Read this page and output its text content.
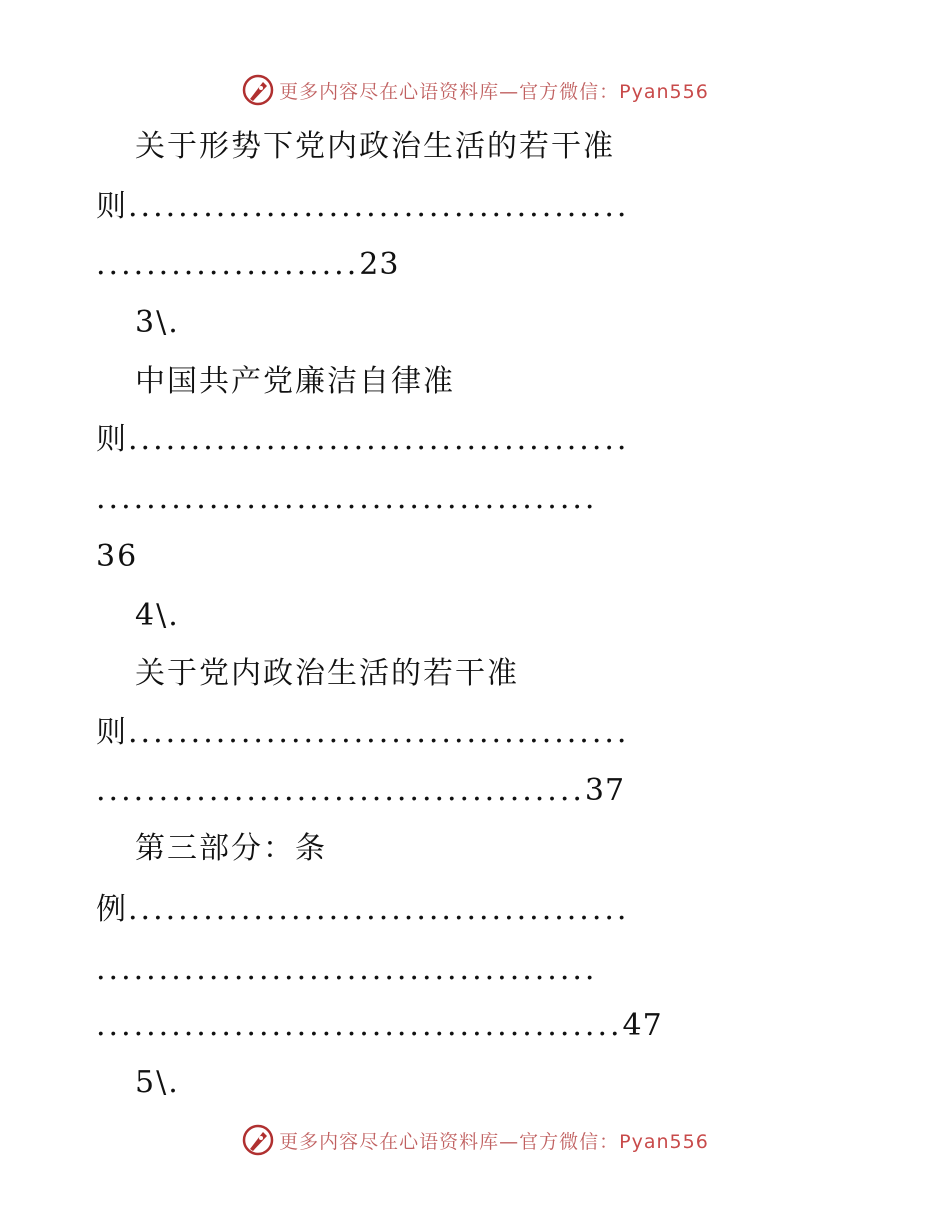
更多内容尽在心语资料库—官方微信：Pyan556
关于形势下党内政治生活的若干准
则........................................
.....................23
3\.
中国共产党廉洁自律准
则........................................
........................................
36
4\.
关于党内政治生活的若干准
则........................................
.......................................37
第三部分：条
例........................................
........................................
..........................................47
5\.
更多内容尽在心语资料库—官方微信：Pyan556
